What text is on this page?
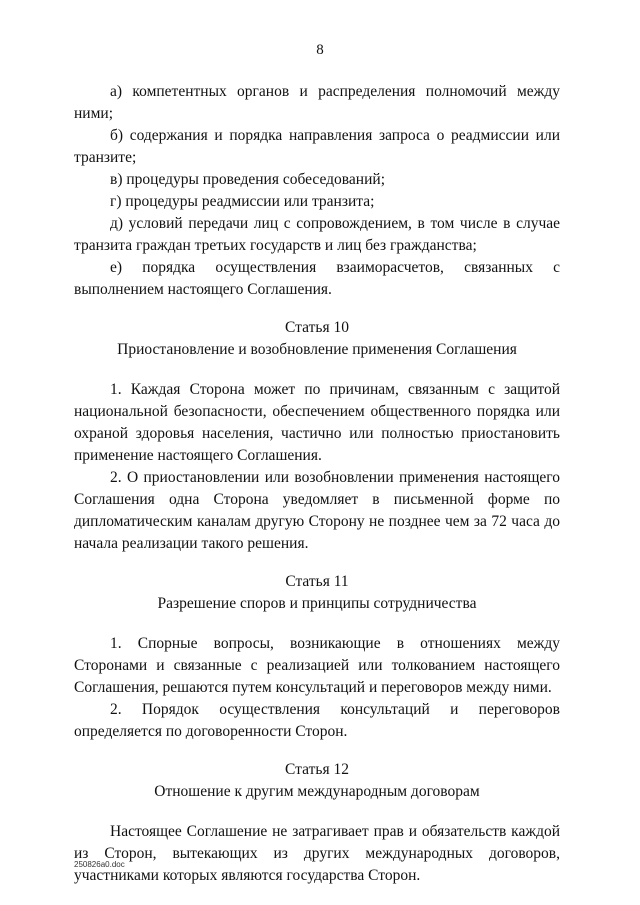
8

а) компетентных органов и распределения полномочий между ними;

б) содержания и порядка направления запроса о реадмиссии или транзите;

в) процедуры проведения собеседований;

г) процедуры реадмиссии или транзита;

д) условий передачи лиц с сопровождением, в том числе в случае транзита граждан третьих государств и лиц без гражданства;

е) порядка осуществления взаиморасчетов, связанных с выполнением настоящего Соглашения.

Статья 10

Приостановление и возобновление применения Соглашения

1. Каждая Сторона может по причинам, связанным с защитой национальной безопасности, обеспечением общественного порядка или охраной здоровья населения, частично или полностью приостановить применение настоящего Соглашения.

2. О приостановлении или возобновлении применения настоящего Соглашения одна Сторона уведомляет в письменной форме по дипломатическим каналам другую Сторону не позднее чем за 72 часа до начала реализации такого решения.

Статья 11

Разрешение споров и принципы сотрудничества

1. Спорные вопросы, возникающие в отношениях между Сторонами и связанные с реализацией или толкованием настоящего Соглашения, решаются путем консультаций и переговоров между ними.

2. Порядок осуществления консультаций и переговоров определяется по договоренности Сторон.

Статья 12

Отношение к другим международным договорам

Настоящее Соглашение не затрагивает прав и обязательств каждой из Сторон, вытекающих из других международных договоров, участниками которых являются государства Сторон.

250826a0.doc
